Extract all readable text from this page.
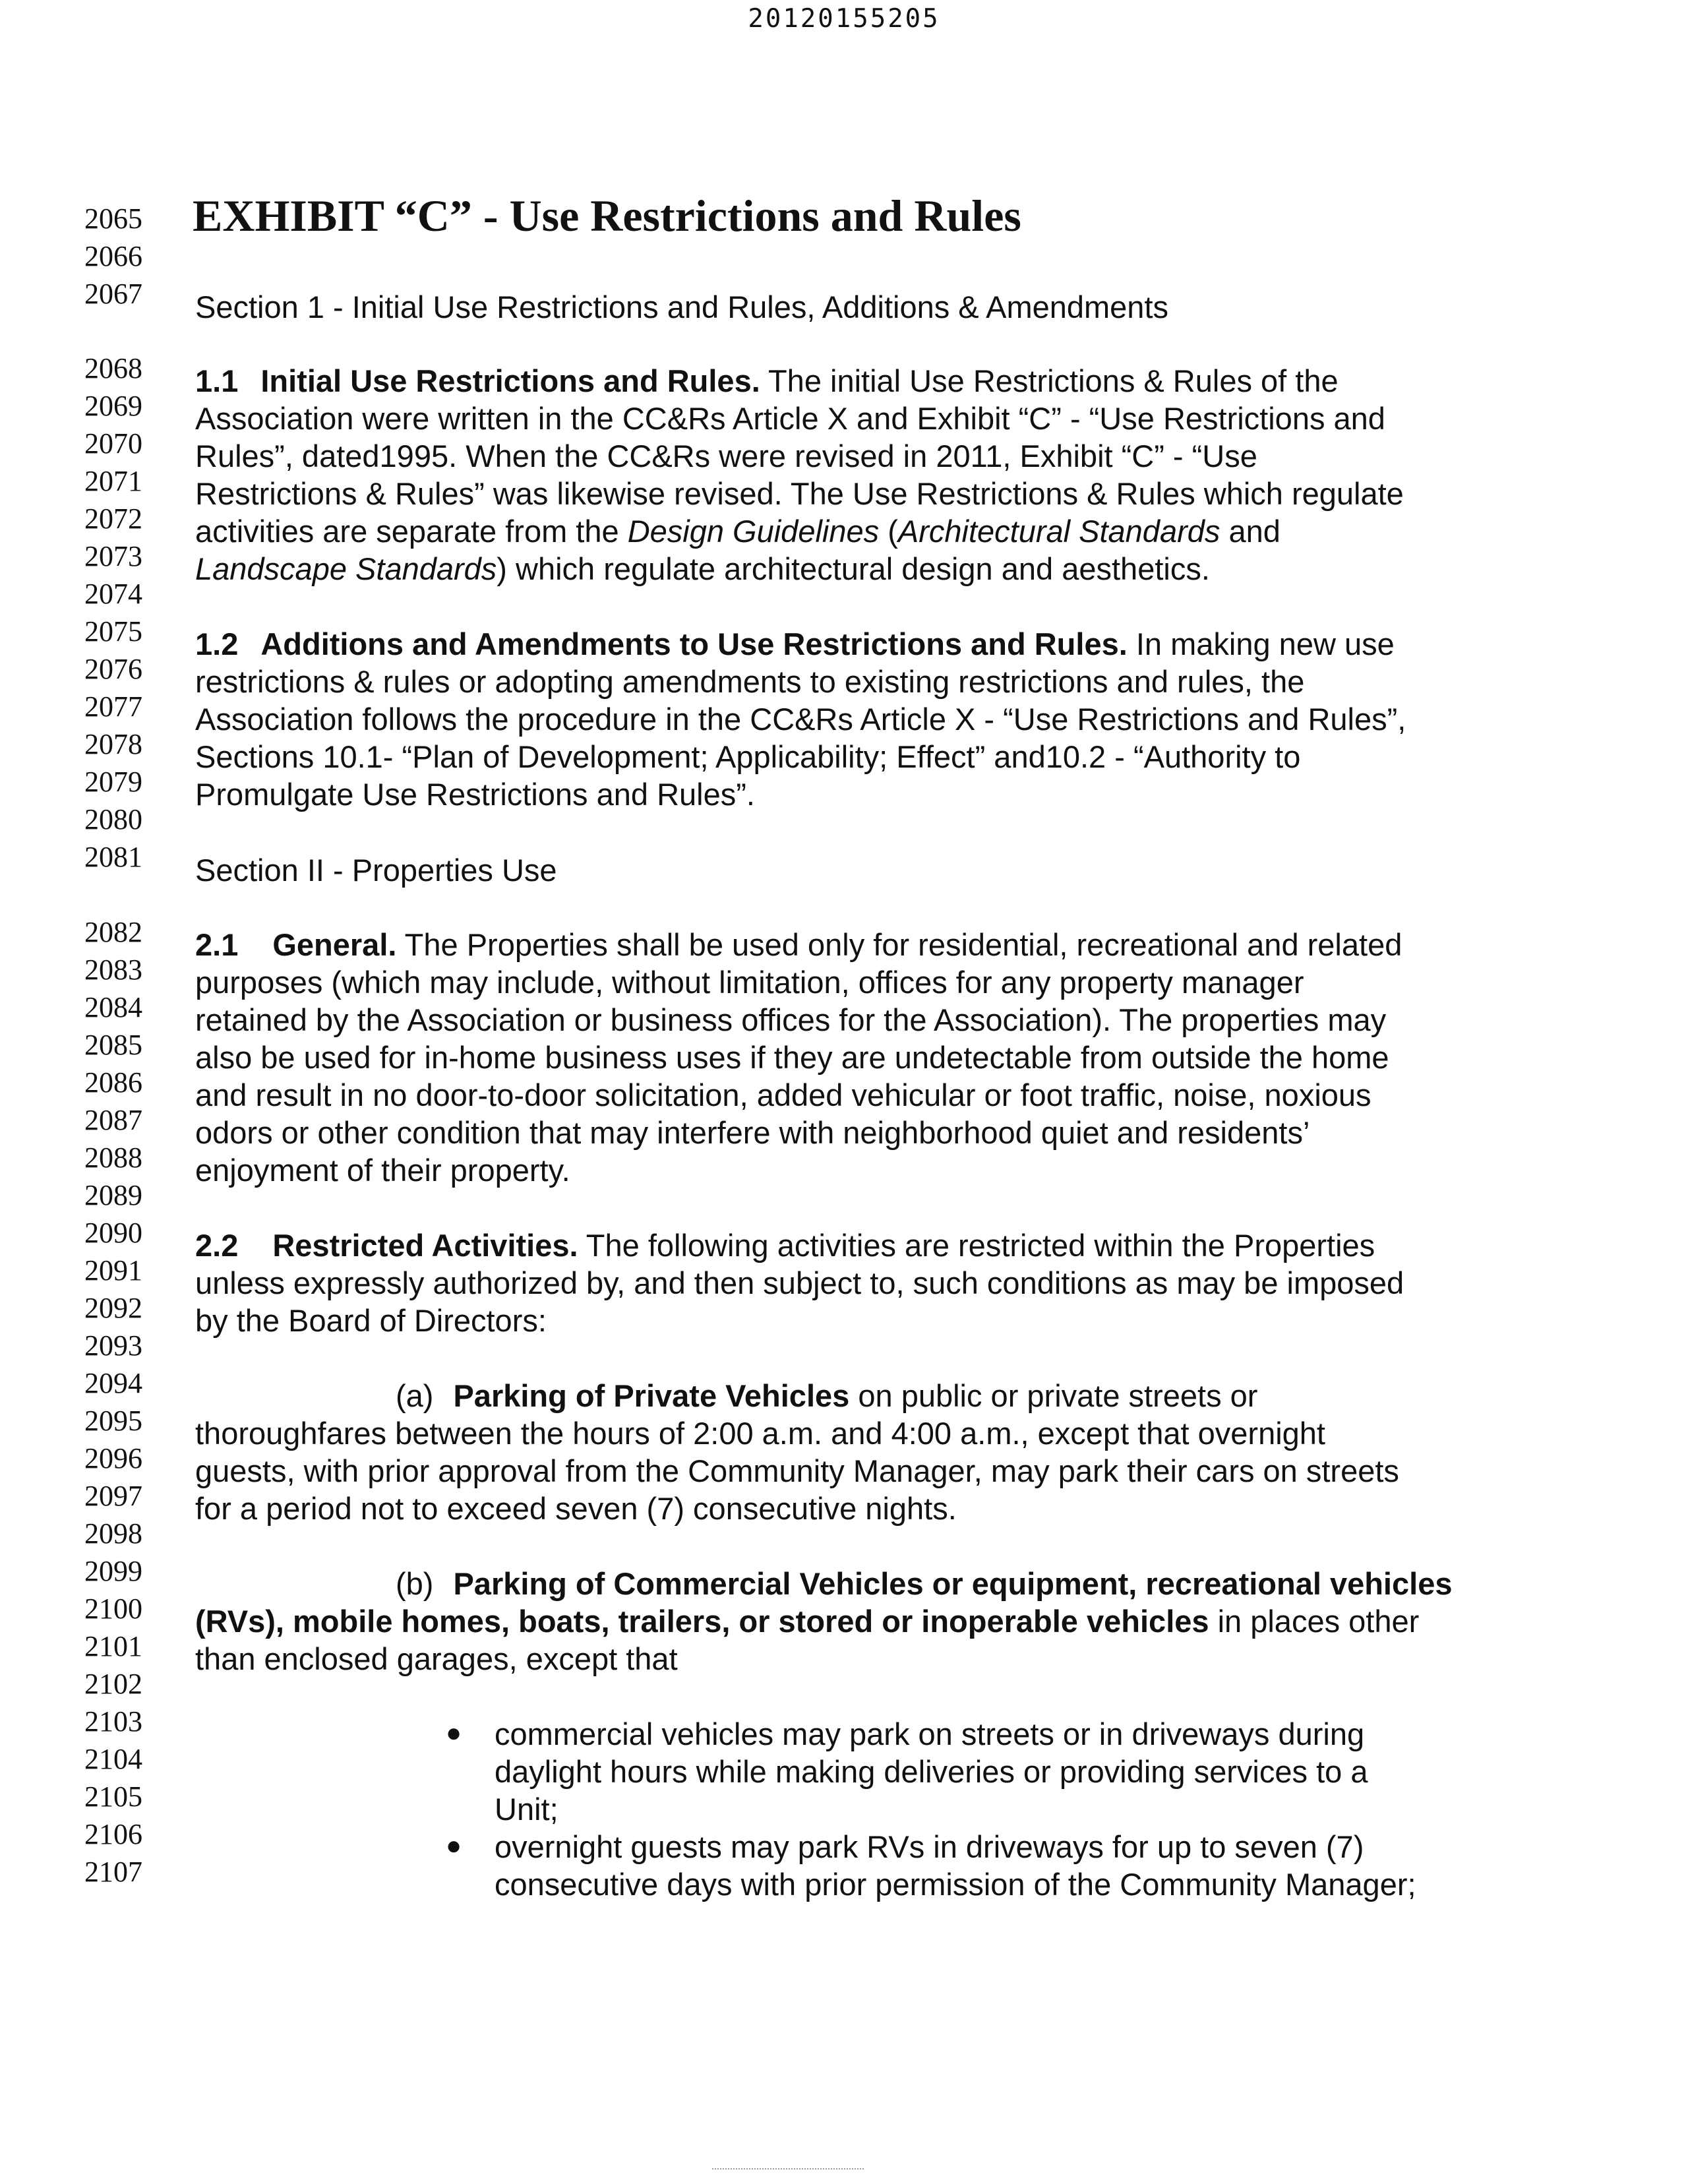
20120155205
2065
2066
2067
2068
2069
2070
2071
2072
2073
2074
2075
2076
2077
2078
2079
2080
2081
2082
2083
2084
2085
2086
2087
2088
2089
2090
2091
2092
2093
2094
2095
2096
2097
2098
2099
2100
2101
2102
2103
2104
2105
2106
2107
EXHIBIT “C” - Use Restrictions and Rules
Section 1 - Initial Use Restrictions and Rules, Additions & Amendments
1.1 Initial Use Restrictions and Rules. The initial Use Restrictions & Rules of the
Association were written in the CC&Rs Article X and Exhibit “C” - “Use Restrictions and
Rules”, dated1995. When the CC&Rs were revised in 2011, Exhibit “C” - “Use
Restrictions & Rules” was likewise revised. The Use Restrictions & Rules which regulate
activities are separate from the Design Guidelines (Architectural Standards and
Landscape Standards) which regulate architectural design and aesthetics.
1.2 Additions and Amendments to Use Restrictions and Rules. In making new use
restrictions & rules or adopting amendments to existing restrictions and rules, the
Association follows the procedure in the CC&Rs Article X - “Use Restrictions and Rules”,
Sections 10.1- “Plan of Development; Applicability; Effect” and10.2 - “Authority to
Promulgate Use Restrictions and Rules”.
Section II - Properties Use
2.1 General. The Properties shall be used only for residential, recreational and related
purposes (which may include, without limitation, offices for any property manager
retained by the Association or business offices for the Association). The properties may
also be used for in-home business uses if they are undetectable from outside the home
and result in no door-to-door solicitation, added vehicular or foot traffic, noise, noxious
odors or other condition that may interfere with neighborhood quiet and residents’
enjoyment of their property.
2.2 Restricted Activities. The following activities are restricted within the Properties
unless expressly authorized by, and then subject to, such conditions as may be imposed
by the Board of Directors:
(a) Parking of Private Vehicles on public or private streets or
thoroughfares between the hours of 2:00 a.m. and 4:00 a.m., except that overnight
guests, with prior approval from the Community Manager, may park their cars on streets
for a period not to exceed seven (7) consecutive nights.
(b) Parking of Commercial Vehicles or equipment, recreational vehicles
(RVs), mobile homes, boats, trailers, or stored or inoperable vehicles in places other
than enclosed garages, except that
● commercial vehicles may park on streets or in driveways during
daylight hours while making deliveries or providing services to a
Unit;
● overnight guests may park RVs in driveways for up to seven (7)
consecutive days with prior permission of the Community Manager;
